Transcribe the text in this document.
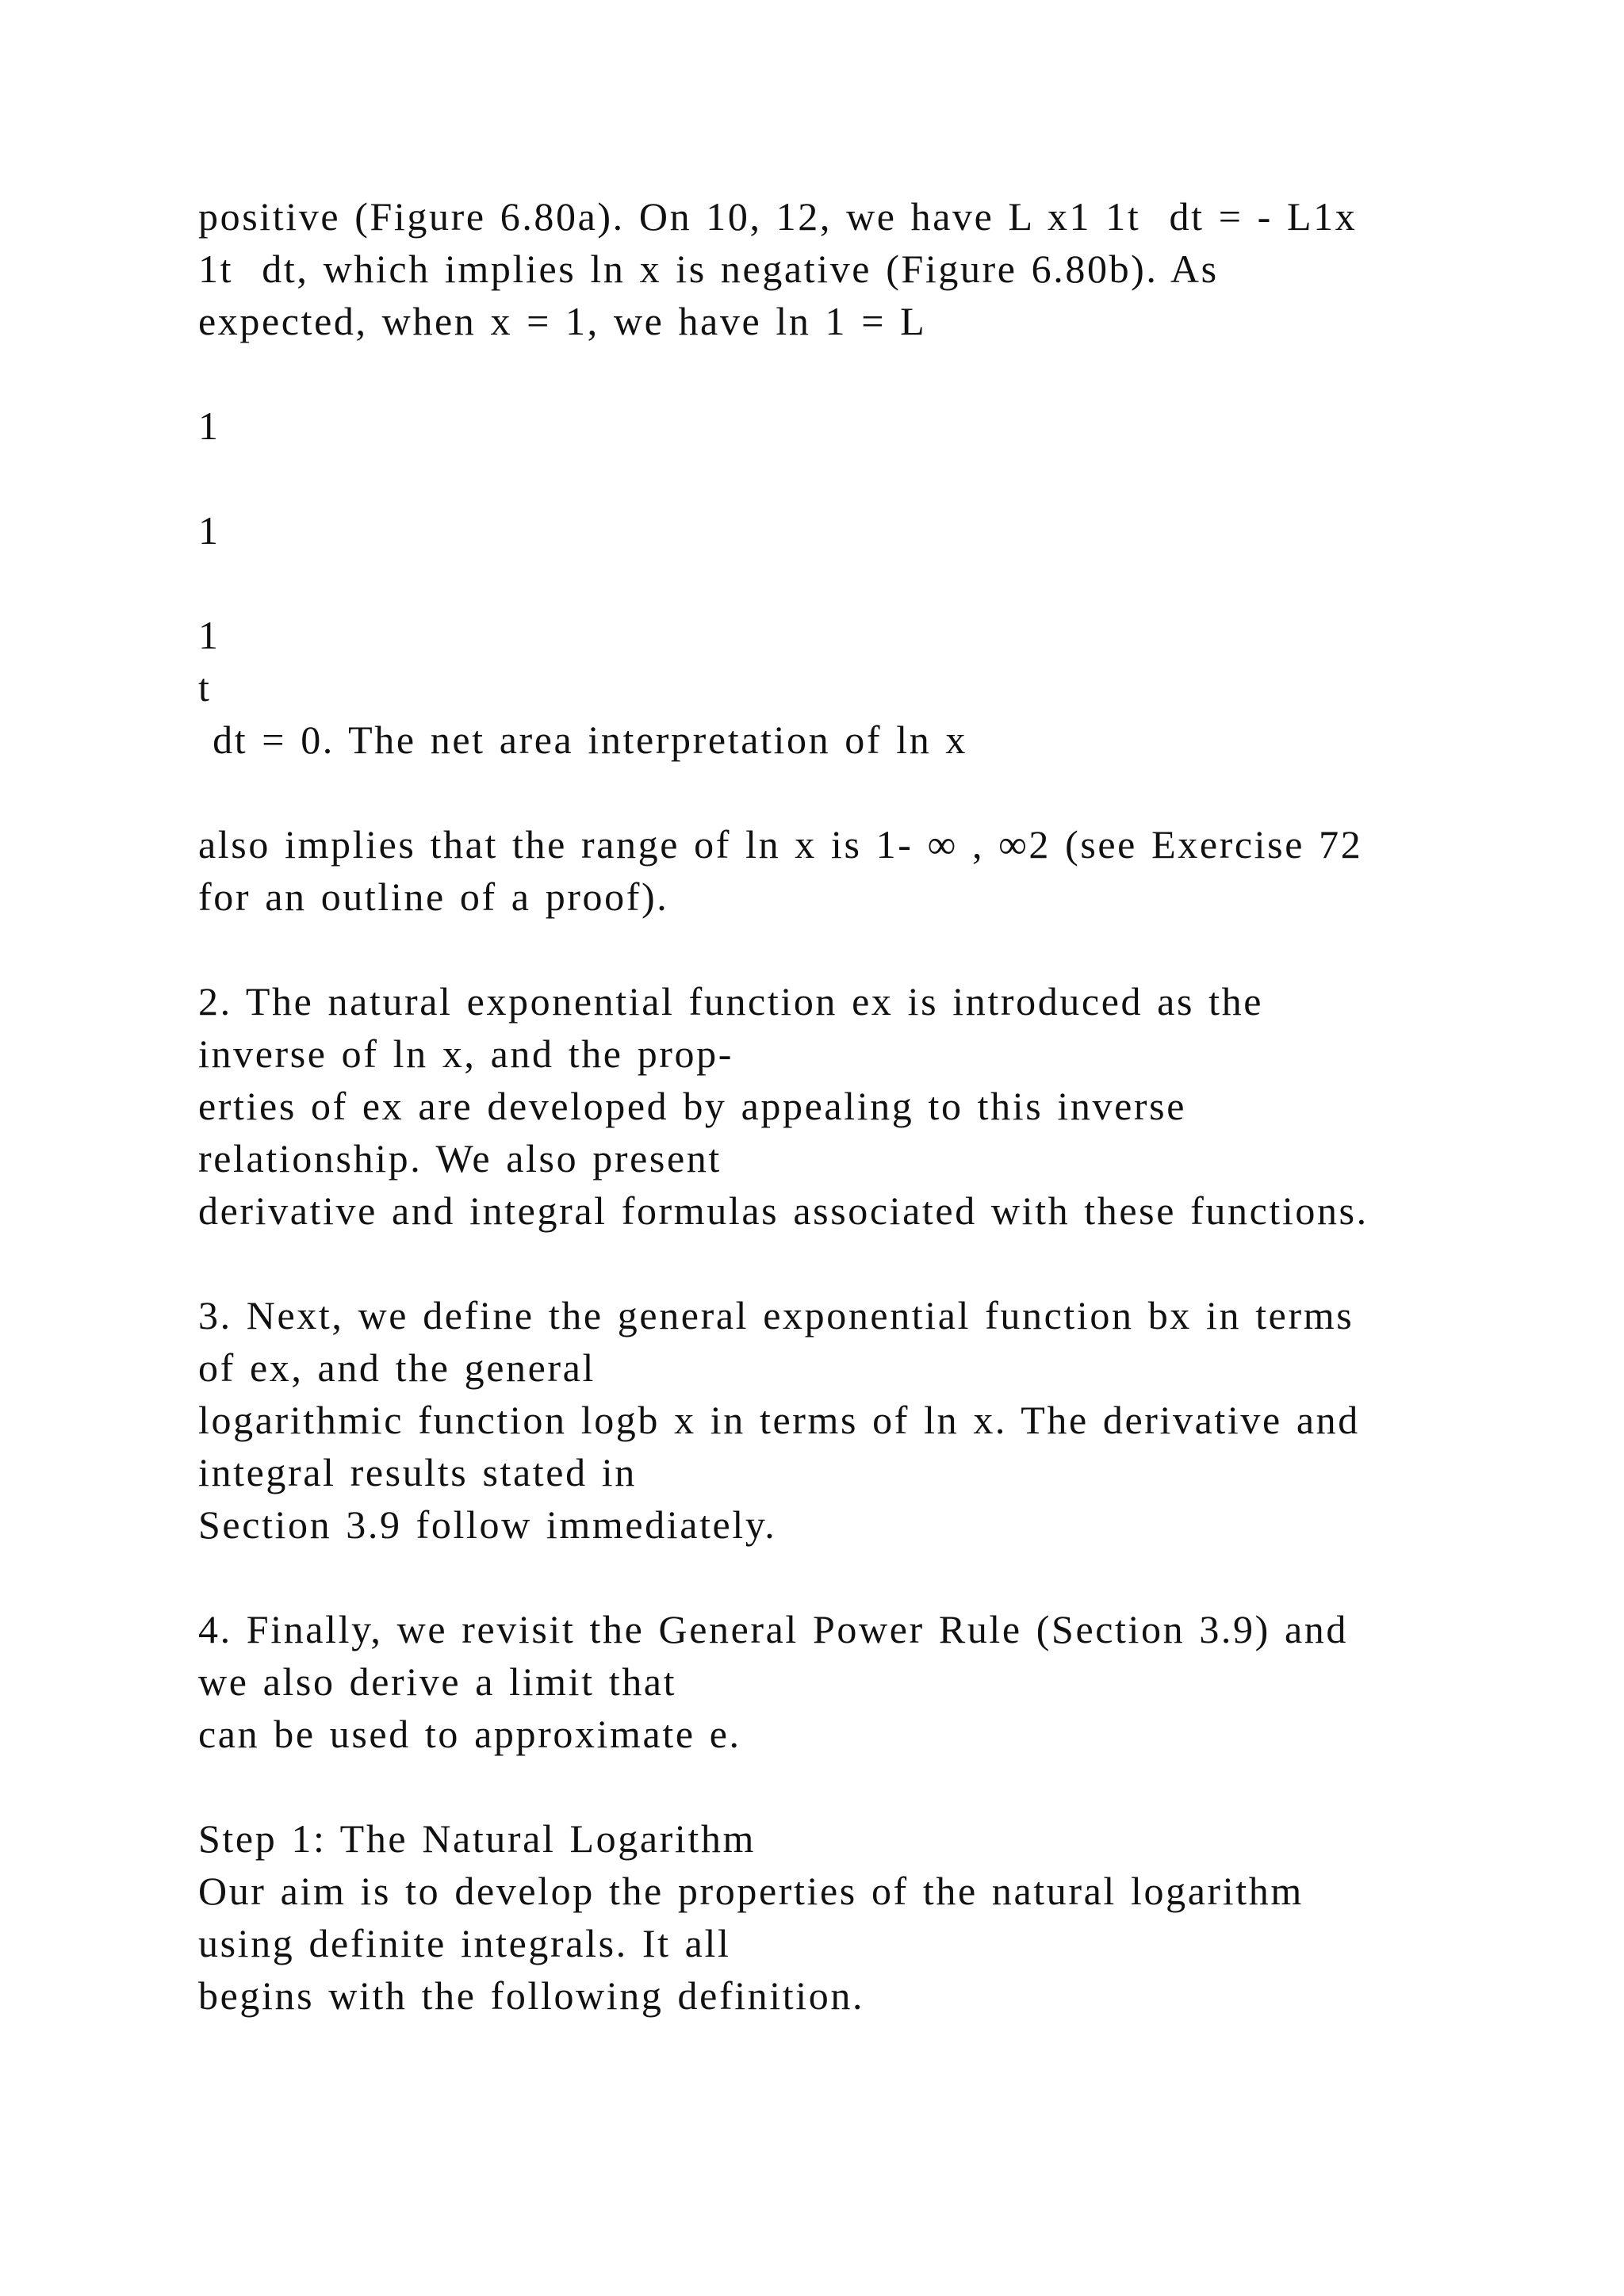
positive (Figure 6.80a). On 10, 12, we have L x1 1t  dt = - L1x
1t  dt, which implies ln x is negative (Figure 6.80b). As
expected, when x = 1, we have ln 1 = L
1
1
1
t
dt = 0. The net area interpretation of ln x
also implies that the range of ln x is 1- ∞ , ∞2 (see Exercise 72
for an outline of a proof).
2. The natural exponential function ex is introduced as the
inverse of ln x, and the prop-
erties of ex are developed by appealing to this inverse
relationship. We also present
derivative and integral formulas associated with these functions.
3. Next, we define the general exponential function bx in terms
of ex, and the general
logarithmic function logb x in terms of ln x. The derivative and
integral results stated in
Section 3.9 follow immediately.
4. Finally, we revisit the General Power Rule (Section 3.9) and
we also derive a limit that
can be used to approximate e.
Step 1: The Natural Logarithm
Our aim is to develop the properties of the natural logarithm
using definite integrals. It all
begins with the following definition.
